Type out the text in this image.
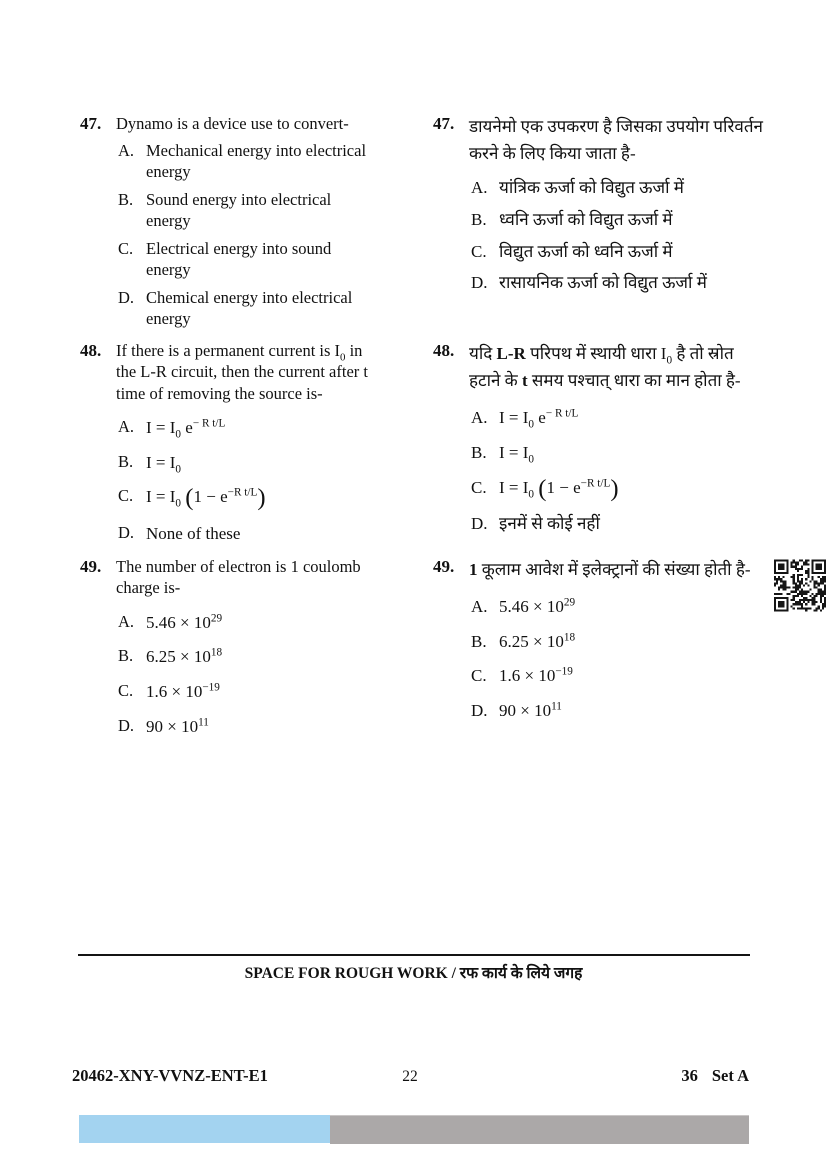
47. Dynamo is a device use to convert-
A. Mechanical energy into electrical
energy
B. Sound energy into electrical
energy
C. Electrical energy into sound
energy
D. Chemical energy into electrical
energy
47. डायनेमो एक उपकरण है जिसका उपयोग परिवर्तन
करने के लिए किया जाता है-
A. यांत्रिक ऊर्जा को विद्युत ऊर्जा में
B. ध्वनि ऊर्जा को विद्युत ऊर्जा में
C. विद्युत ऊर्जा को ध्वनि ऊर्जा में
D. रासायनिक ऊर्जा को विद्युत ऊर्जा में
48. If there is a permanent current is $I_0$ in
the L-R circuit, then the current after t
time of removing the source is-
A. $I = I_0$ $e^{- R t/L}$
B. $I = I_0$
C. $I = I_0$ $(1 - e^{-R t/L})$
D. None of these
48. यदि L-R परिपथ में स्थायी धारा $I_0$ है तो स्रोत
हटाने के t समय पश्चात् धारा का मान होता है-
A. $I = I_0$ $e^{- R t/L}$
B. $I = I_0$
C. $I = I_0$ $(1 - e^{-R t/L})$
D. इनमें से कोई नहीं
49. The number of electron is 1 coulomb
charge is-
A. $5.46 \times 10^{29}$
B. $6.25 \times 10^{18}$
C. $1.6 \times 10^{-19}$
D. $90 \times 10^{11}$
49. 1 कूलाम आवेश में इलेक्ट्रानों की संख्या होती है-
A. $5.46 \times 10^{29}$
B. $6.25 \times 10^{18}$
C. $1.6 \times 10^{-19}$
D. $90 \times 10^{11}$
SPACE FOR ROUGH WORK / रफ कार्य के लिये जगह
20462-XNY-VVNZ-ENT-E1	22	36 Set A
